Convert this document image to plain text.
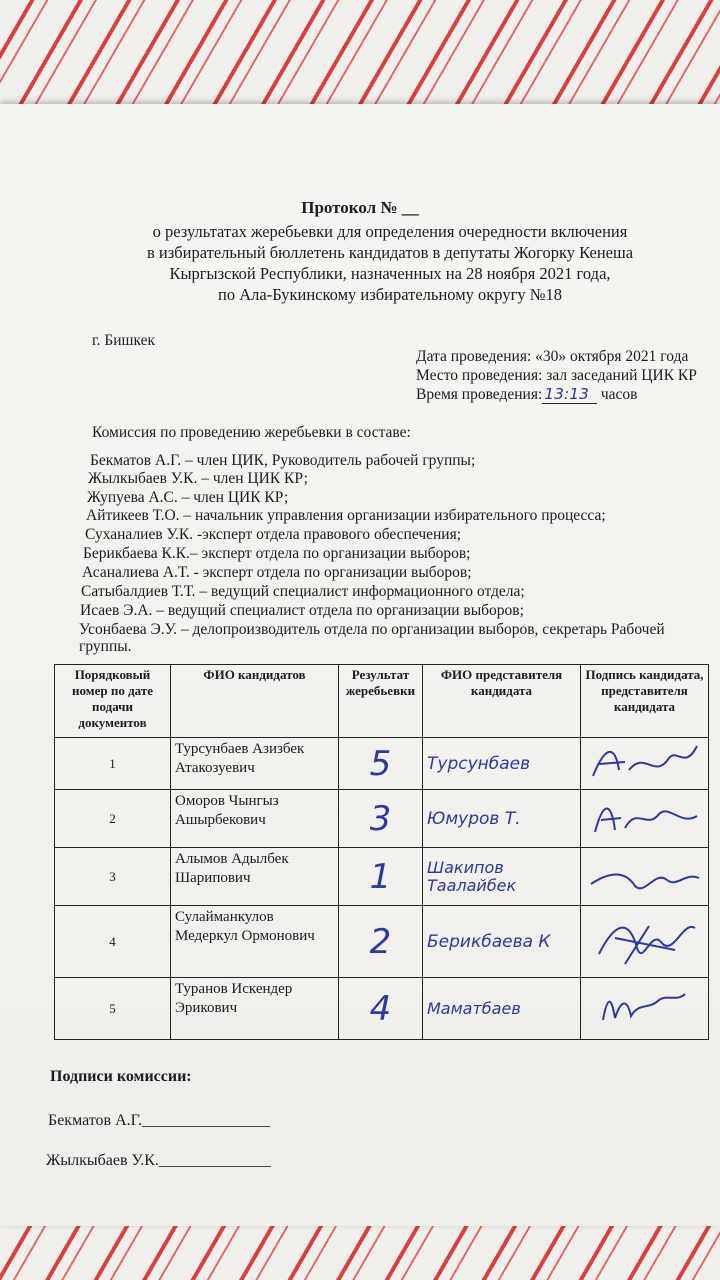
Протокол № __
о результатах жеребьевки для определения очередности включения
в избирательный бюллетень кандидатов в депутаты Жогорку Кенеша
Кыргызской Республики, назначенных на 28 ноября 2021 года,
по Ала-Букинскому избирательному округу №18
г. Бишкек
Дата проведения: «30» октября 2021 года
Место проведения: зал заседаний ЦИК КР
Время проведения: 13:13 часов
Комиссия по проведению жеребьевки в составе:
Бекматов А.Г. – член ЦИК, Руководитель рабочей группы;
Жылкыбаев У.К. – член ЦИК КР;
Жупуева А.С. – член ЦИК КР;
Айтикеев Т.О. – начальник управления организации избирательного процесса;
Суханалиев У.К. -эксперт отдела правового обеспечения;
Берикбаева К.К.– эксперт отдела по организации выборов;
Асаналиева А.Т. - эксперт отдела по организации выборов;
Сатыбалдиев Т.Т. – ведущий специалист информационного отдела;
Исаев Э.А. – ведущий специалист отдела по организации выборов;
Усонбаева Э.У. – делопроизводитель отдела по организации выборов, секретарь Рабочей
группы.
Порядковый номер по дате подачи документов	ФИО кандидатов	Результат жеребьевки	ФИО представителя кандидата	Подпись кандидата, представителя кандидата
1	Турсунбаев Азизбек Атакозуевич	5	Турсунбаев	

2	Оморов Чынгыз Ашырбекович	3	Юмуров Т.	

3	Алымов Адылбек Шарипович	1	Шакипов Таалайбек	

4	Сулайманкулов Медеркул Ормонович	2	Берикбаева К	

5	Туранов Искендер Эрикович	4	Маматбаев	
Подписи комиссии:
Бекматов А.Г.________________
Жылкыбаев У.К.______________
